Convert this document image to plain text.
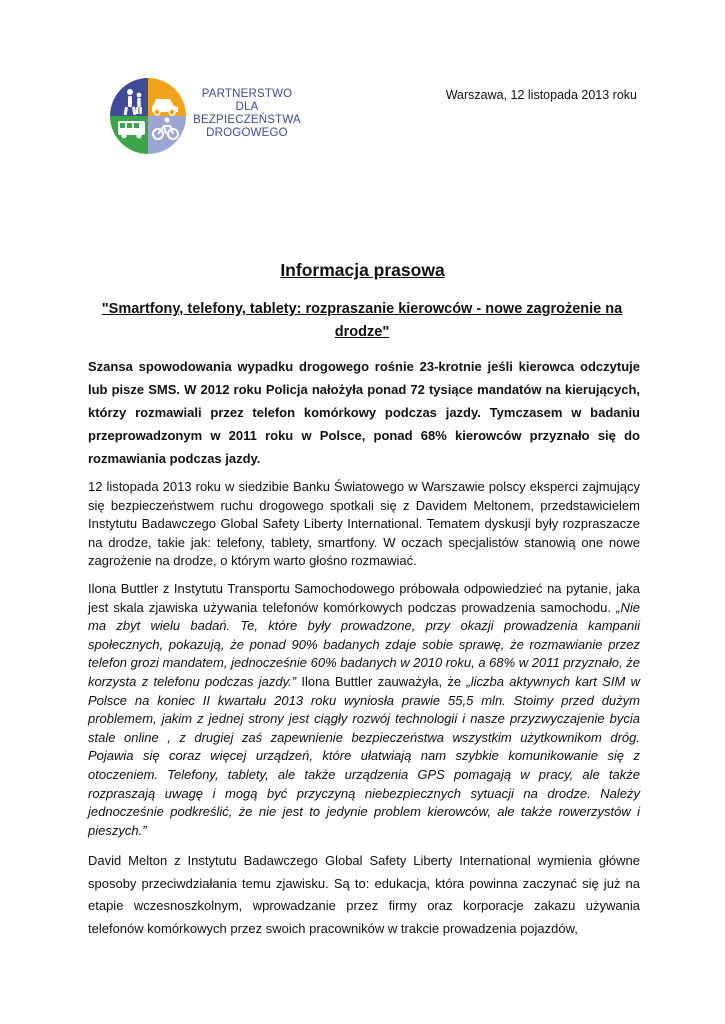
PARTNERSTWO
DLA
BEZPIECZEŃSTWA
DROGOWEGO
Warszawa, 12 listopada 2013 roku
Informacja prasowa
"Smartfony, telefony, tablety: rozpraszanie kierowców - nowe zagrożenie na drodze"
Szansa spowodowania wypadku drogowego rośnie 23-krotnie jeśli kierowca odczytuje lub pisze SMS. W 2012 roku Policja nałożyła ponad 72 tysiące mandatów na kierujących, którzy rozmawiali przez telefon komórkowy podczas jazdy. Tymczasem w badaniu przeprowadzonym w 2011 roku w Polsce, ponad 68% kierowców przyznało się do rozmawiania podczas jazdy.
12 listopada 2013 roku w siedzibie Banku Światowego w Warszawie polscy eksperci zajmujący się bezpieczeństwem ruchu drogowego spotkali się z Davidem Meltonem, przedstawicielem Instytutu Badawczego Global Safety Liberty International. Tematem dyskusji były rozpraszacze na drodze, takie jak: telefony, tablety, smartfony. W oczach specjalistów stanowią one nowe zagrożenie na drodze, o którym warto głośno rozmawiać.
Ilona Buttler z Instytutu Transportu Samochodowego próbowała odpowiedzieć na pytanie, jaka jest skala zjawiska używania telefonów komórkowych podczas prowadzenia samochodu. „Nie ma zbyt wielu badań. Te, które były prowadzone, przy okazji prowadzenia kampanii społecznych, pokazują, że ponad 90% badanych zdaje sobie sprawę, że rozmawianie przez telefon grozi mandatem, jednocześnie 60% badanych w 2010 roku, a 68% w 2011 przyznało, że korzysta z telefonu podczas jazdy.” Ilona Buttler zauważyła, że „liczba aktywnych kart SIM w Polsce na koniec II kwartału 2013 roku wyniosła prawie 55,5 mln. Stoimy przed dużym problemem, jakim z jednej strony jest ciągły rozwój technologii i nasze przyzwyczajenie bycia stale online , z drugiej zaś zapewnienie bezpieczeństwa wszystkim użytkownikom dróg. Pojawia się coraz więcej urządzeń, które ułatwiają nam szybkie komunikowanie się z otoczeniem. Telefony, tablety, ale także urządzenia GPS pomagają w pracy, ale także rozpraszają uwagę i mogą być przyczyną niebezpiecznych sytuacji na drodze. Należy jednocześnie podkreślić, że nie jest to jedynie problem kierowców, ale także rowerzystów i pieszych.”
David Melton z Instytutu Badawczego Global Safety Liberty International wymienia główne sposoby przeciwdziałania temu zjawisku. Są to: edukacja, która powinna zaczynać się już na etapie wczesnoszkolnym, wprowadzanie przez firmy oraz korporacje zakazu używania telefonów komórkowych przez swoich pracowników w trakcie prowadzenia pojazdów,
